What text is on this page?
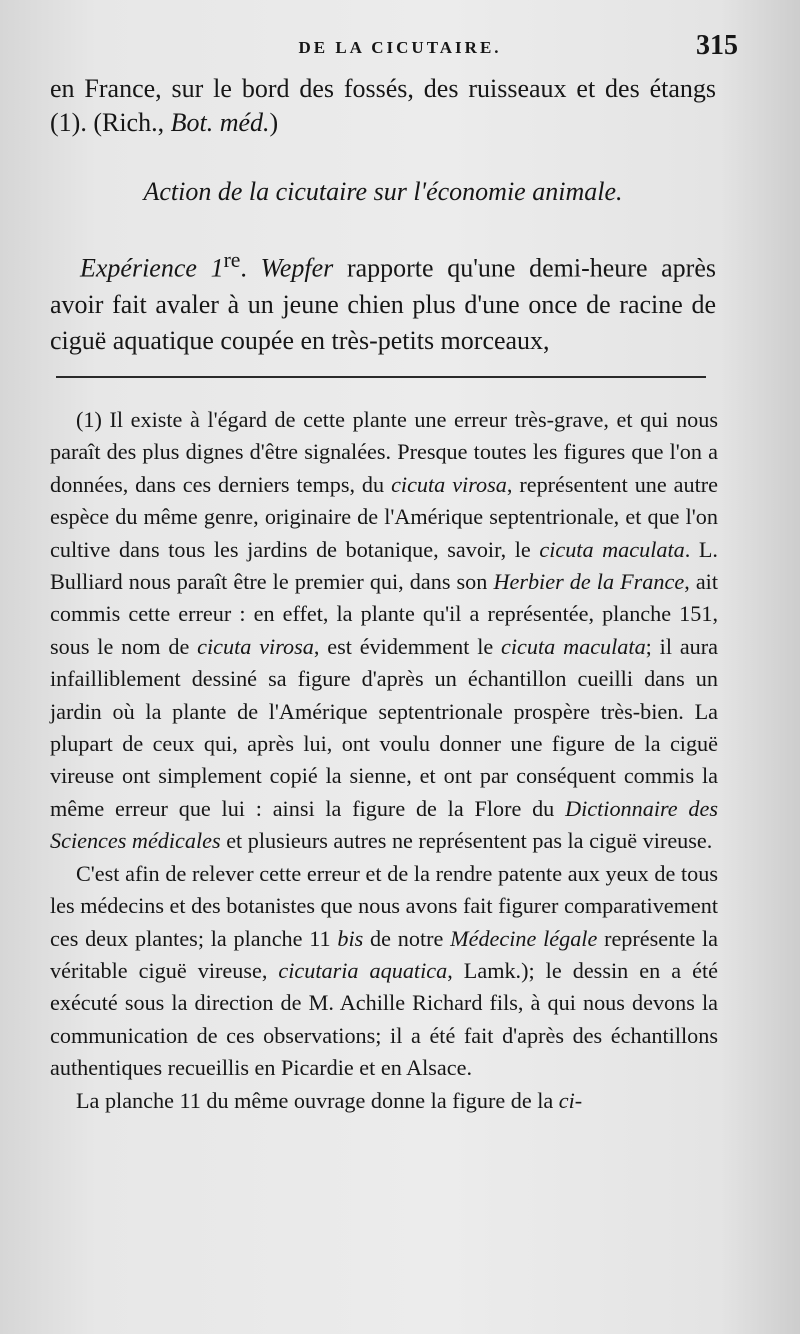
DE LA CICUTAIRE.	315

en France, sur le bord des fossés, des ruisseaux et des étangs (1). (Rich., Bot. méd.)

Action de la cicutaire sur l'économie animale.
Expérience 1re. Wepfer rapporte qu'une demi-heure après avoir fait avaler à un jeune chien plus d'une once de racine de ciguë aquatique coupée en très-petits morceaux,

(1) Il existe à l'égard de cette plante une erreur très-grave, et qui nous paraît des plus dignes d'être signalées. Presque toutes les figures que l'on a données, dans ces derniers temps, du cicuta virosa, représentent une autre espèce du même genre, originaire de l'Amérique septentrionale, et que l'on cultive dans tous les jardins de botanique, savoir, le cicuta maculata. L. Bulliard nous paraît être le premier qui, dans son Herbier de la France, ait commis cette erreur : en effet, la plante qu'il a représentée, planche 151, sous le nom de cicuta virosa, est évidemment le cicuta maculata; il aura infailliblement dessiné sa figure d'après un échantillon cueilli dans un jardin où la plante de l'Amérique septentrionale prospère très-bien. La plupart de ceux qui, après lui, ont voulu donner une figure de la ciguë vireuse ont simplement copié la sienne, et ont par conséquent commis la même erreur que lui : ainsi la figure de la Flore du Dictionnaire des Sciences médicales et plusieurs autres ne représentent pas la ciguë vireuse.

C'est afin de relever cette erreur et de la rendre patente aux yeux de tous les médecins et des botanistes que nous avons fait figurer comparativement ces deux plantes; la planche 11 bis de notre Médecine légale représente la véritable ciguë vireuse, cicutaria aquatica, Lamk.); le dessin en a été exécuté sous la direction de M. Achille Richard fils, à qui nous devons la communication de ces observations; il a été fait d'après des échantillons authentiques recueillis en Picardie et en Alsace.

La planche 11 du même ouvrage donne la figure de la ci-
